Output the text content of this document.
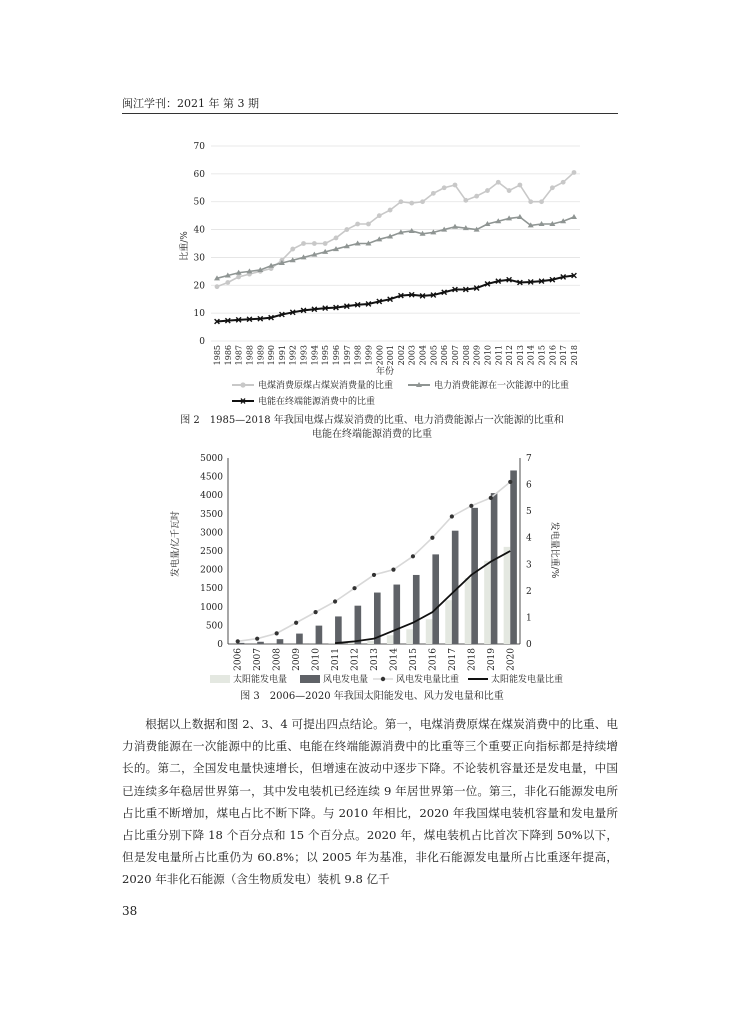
闽江学刊：2021 年 第 3 期
0
10
20
30
40
50
60
70
1985 1986 1987 1988 1989 1990 1991 1992 1993 1994 1995 1996 1997 1998 1999 2000 2001 2002 2003 2004 2005 2006 2007 2008 2009 2010 2011 2012 2013 2014 2015 2016 2017 2018
比重/%
年份
电煤消费原煤占煤炭消费量的比重	电力消费能源在一次能源中的比重
电能在终端能源消费中的比重
图 2　1985—2018 年我国电煤占煤炭消费的比重、电力消费能源占一次能源的比重和
电能在终端能源消费的比重
0
500
1000
1500
2000
2500
3000
3500
4000
4500
5000
0
1
2
3
4
5
6
7
2006 2007 2008 2009 2010 2011 2012 2013 2014 2015 2016 2017 2018 2019 2020
发电量/亿千瓦时	发电量比重/%
太阳能发电量	风电发电量	风电发电量比重	太阳能发电量比重
图 3　2006—2020 年我国太阳能发电、风力发电量和比重

根据以上数据和图 2、3、4 可提出四点结论。第一，电煤消费原煤在煤炭消费中的比重、电力消费能源在一次能源中的比重、电能在终端能源消费中的比重等三个重要正向指标都是持续增长的。第二，全国发电量快速增长，但增速在波动中逐步下降。不论装机容量还是发电量，中国已连续多年稳居世界第一，其中发电装机已经连续 9 年居世界第一位。第三，非化石能源发电所占比重不断增加，煤电占比不断下降。与 2010 年相比，2020 年我国煤电装机容量和发电量所占比重分别下降 18 个百分点和 15 个百分点。2020 年，煤电装机占比首次下降到 50%以下，但是发电量所占比重仍为 60.8%；以 2005 年为基准，非化石能源发电量所占比重逐年提高，2020 年非化石能源（含生物质发电）装机 9.8 亿千

38
